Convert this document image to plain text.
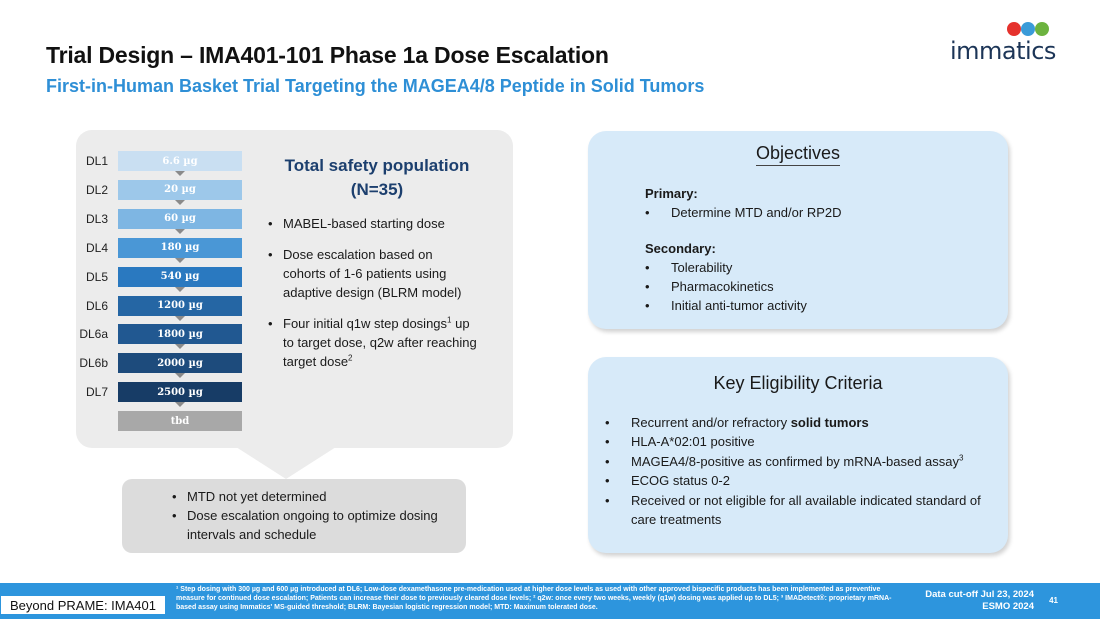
Trial Design – IMA401-101 Phase 1a Dose Escalation
First-in-Human Basket Trial Targeting the MAGEA4/8 Peptide in Solid Tumors
immatics
DL1	6.6 µg
DL2	20 µg
DL3	60 µg
DL4	180 µg
DL5	540 µg
DL6	1200 µg
DL6a	1800 µg
DL6b	2000 µg
DL7	2500 µg
tbd
Total safety population
(N=35)
• MABEL-based starting dose
• Dose escalation based on cohorts of 1-6 patients using adaptive design (BLRM model)
• Four initial q1w step dosings$^1$ up to target dose, q2w after reaching target dose$^2$
• MTD not yet determined
• Dose escalation ongoing to optimize dosing intervals and schedule
Objectives
Primary:
• Determine MTD and/or RP2D
Secondary:
• Tolerability
• Pharmacokinetics
• Initial anti-tumor activity
Key Eligibility Criteria
• Recurrent and/or refractory solid tumors
• HLA-A*02:01 positive
• MAGEA4/8-positive as confirmed by mRNA-based assay$^3$
• ECOG status 0-2
• Received or not eligible for all available indicated standard of care treatments
Beyond PRAME: IMA401
¹ Step dosing with 300 µg and 600 µg introduced at DL6; Low-dose dexamethasone pre-medication used at higher dose levels as used with other approved bispecific products has been implemented as preventive measure for continued dose escalation; Patients can increase their dose to previously cleared dose levels; ² q2w: once every two weeks, weekly (q1w) dosing was applied up to DL5; ³ IMADetect®: proprietary mRNA-based assay using Immatics' MS-guided threshold; BLRM: Bayesian logistic regression model; MTD: Maximum tolerated dose.
Data cut-off Jul 23, 2024
ESMO 2024
41
